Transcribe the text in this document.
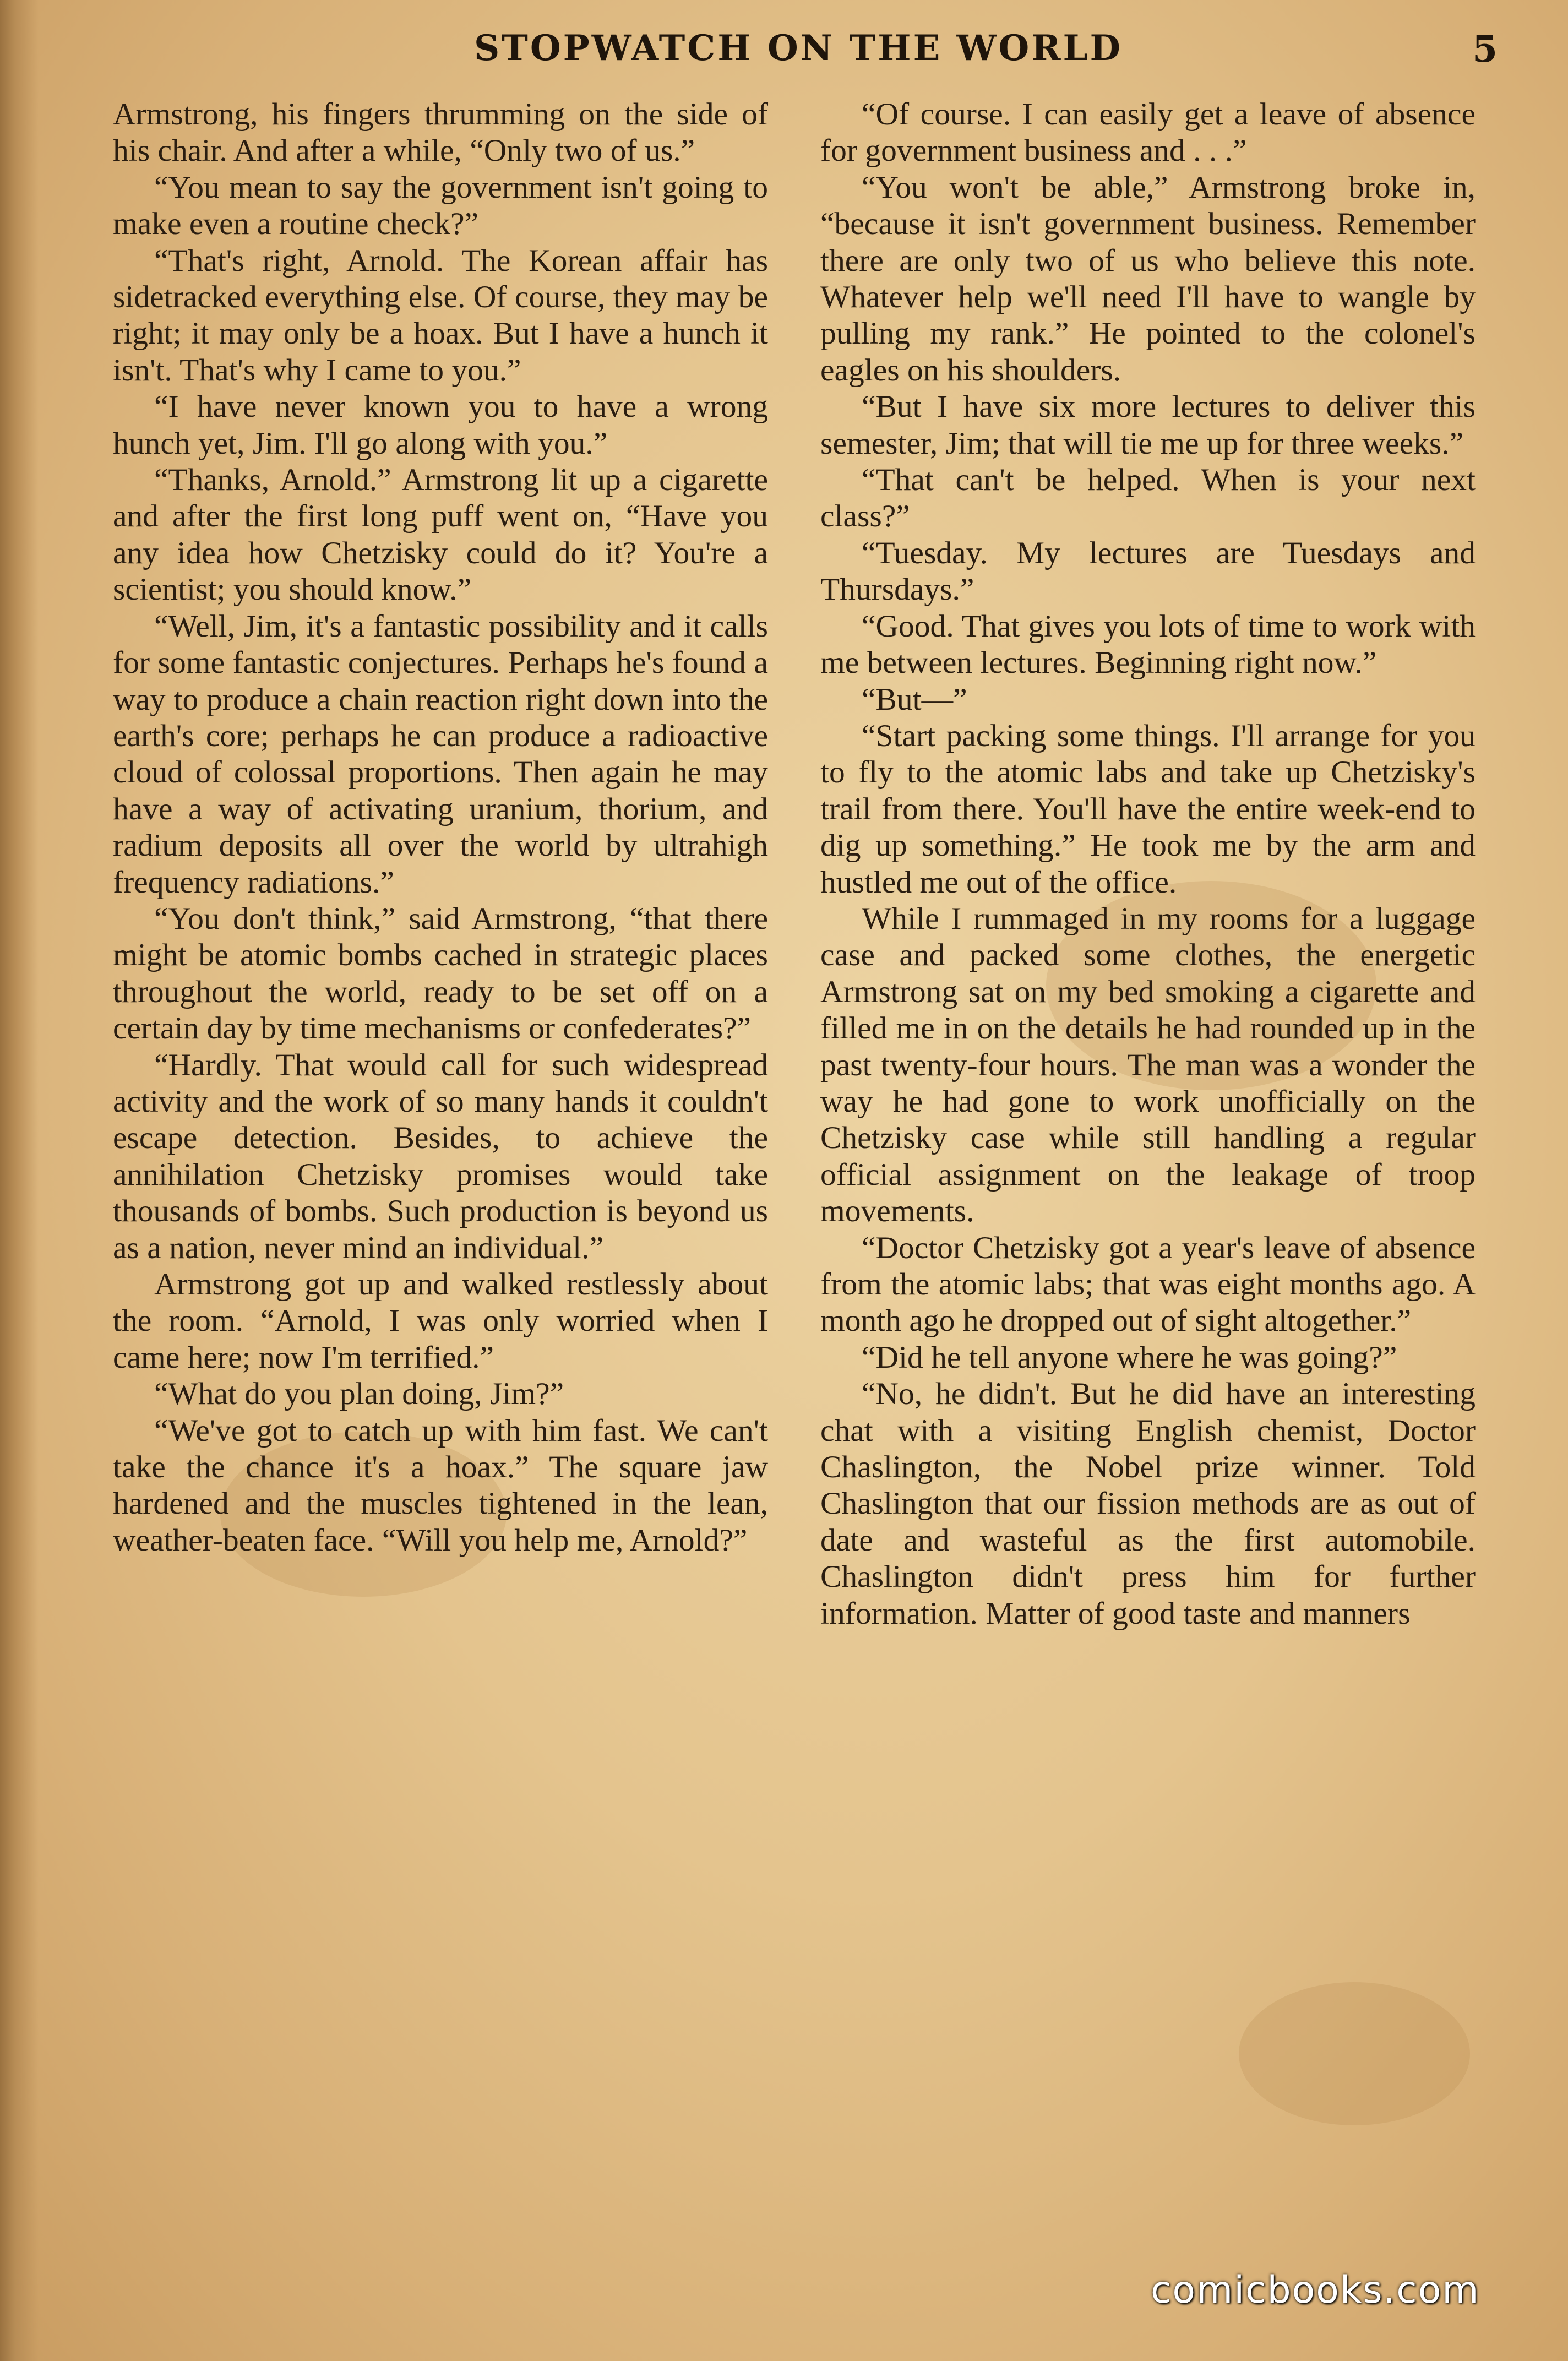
STOPWATCH ON THE WORLD	5

Armstrong, his fingers thrumming on the side of his chair. And after a while, “Only two of us.”

“You mean to say the government isn't going to make even a routine check?”

“That's right, Arnold. The Korean affair has sidetracked everything else. Of course, they may be right; it may only be a hoax. But I have a hunch it isn't. That's why I came to you.”

“I have never known you to have a wrong hunch yet, Jim. I'll go along with you.”

“Thanks, Arnold.” Armstrong lit up a cigarette and after the first long puff went on, “Have you any idea how Chetzisky could do it? You're a scientist; you should know.”

“Well, Jim, it's a fantastic possibility and it calls for some fantastic conjectures. Perhaps he's found a way to produce a chain reaction right down into the earth's core; perhaps he can produce a radioactive cloud of colossal proportions. Then again he may have a way of activating uranium, thorium, and radium deposits all over the world by ultrahigh frequency radiations.”

“You don't think,” said Armstrong, “that there might be atomic bombs cached in strategic places throughout the world, ready to be set off on a certain day by time mechanisms or confederates?”

“Hardly. That would call for such widespread activity and the work of so many hands it couldn't escape detection. Besides, to achieve the annihilation Chetzisky promises would take thousands of bombs. Such production is beyond us as a nation, never mind an individual.”

Armstrong got up and walked restlessly about the room. “Arnold, I was only worried when I came here; now I'm terrified.”

“What do you plan doing, Jim?”

“We've got to catch up with him fast. We can't take the chance it's a hoax.” The square jaw hardened and the muscles tightened in the lean, weather-beaten face. “Will you help me, Arnold?”

“Of course. I can easily get a leave of absence for government business and . . .”

“You won't be able,” Armstrong broke in, “because it isn't government business. Remember there are only two of us who believe this note. Whatever help we'll need I'll have to wangle by pulling my rank.” He pointed to the colonel's eagles on his shoulders.

“But I have six more lectures to deliver this semester, Jim; that will tie me up for three weeks.”

“That can't be helped. When is your next class?”

“Tuesday. My lectures are Tuesdays and Thursdays.”

“Good. That gives you lots of time to work with me between lectures. Beginning right now.”

“But—”

“Start packing some things. I'll arrange for you to fly to the atomic labs and take up Chetzisky's trail from there. You'll have the entire week-end to dig up something.” He took me by the arm and hustled me out of the office.

While I rummaged in my rooms for a luggage case and packed some clothes, the energetic Armstrong sat on my bed smoking a cigarette and filled me in on the details he had rounded up in the past twenty-four hours. The man was a wonder the way he had gone to work unofficially on the Chetzisky case while still handling a regular official assignment on the leakage of troop movements.

“Doctor Chetzisky got a year's leave of absence from the atomic labs; that was eight months ago. A month ago he dropped out of sight altogether.”

“Did he tell anyone where he was going?”

“No, he didn't. But he did have an interesting chat with a visiting English chemist, Doctor Chaslington, the Nobel prize winner. Told Chaslington that our fission methods are as out of date and wasteful as the first automobile. Chaslington didn't press him for further information. Matter of good taste and manners

comicbooks.com
